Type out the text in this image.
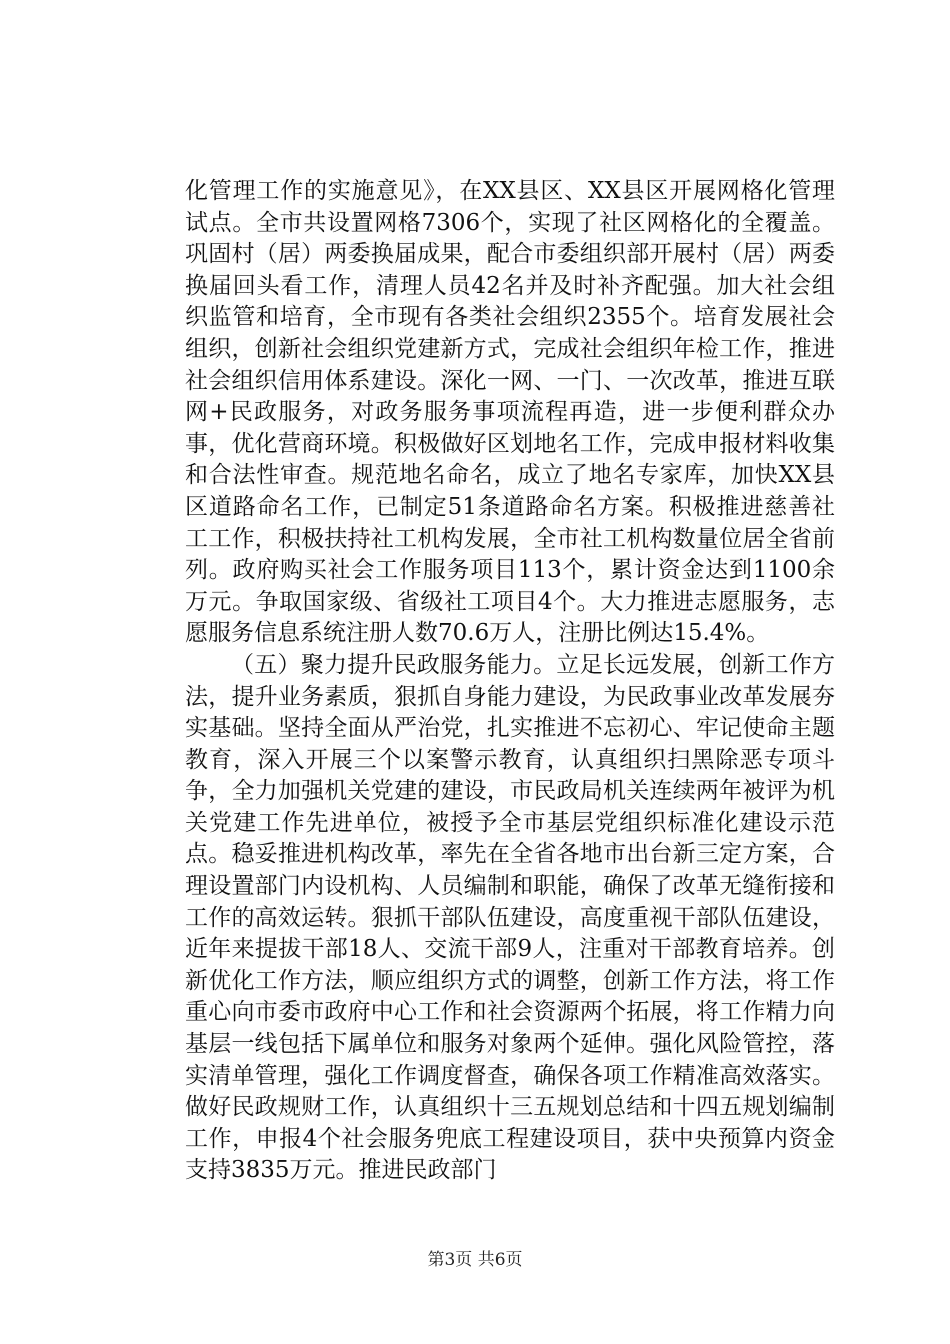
化管理工作的实施意见》，在XX县区、XX县区开展网格化管理试点。全市共设置网格7306个，实现了社区网格化的全覆盖。巩固村（居）两委换届成果，配合市委组织部开展村（居）两委换届回头看工作，清理人员42名并及时补齐配强。加大社会组织监管和培育，全市现有各类社会组织2355个。培育发展社会组织，创新社会组织党建新方式，完成社会组织年检工作，推进社会组织信用体系建设。深化一网、一门、一次改革，推进互联网+民政服务，对政务服务事项流程再造，进一步便利群众办事，优化营商环境。积极做好区划地名工作，完成申报材料收集和合法性审查。规范地名命名，成立了地名专家库，加快XX县区道路命名工作，已制定51条道路命名方案。积极推进慈善社工工作，积极扶持社工机构发展，全市社工机构数量位居全省前列。政府购买社会工作服务项目113个，累计资金达到1100余万元。争取国家级、省级社工项目4个。大力推进志愿服务，志愿服务信息系统注册人数70.6万人，注册比例达15.4%。

（五）聚力提升民政服务能力。立足长远发展，创新工作方法，提升业务素质，狠抓自身能力建设，为民政事业改革发展夯实基础。坚持全面从严治党，扎实推进不忘初心、牢记使命主题教育，深入开展三个以案警示教育，认真组织扫黑除恶专项斗争，全力加强机关党建的建设，市民政局机关连续两年被评为机关党建工作先进单位，被授予全市基层党组织标准化建设示范点。稳妥推进机构改革，率先在全省各地市出台新三定方案，合理设置部门内设机构、人员编制和职能，确保了改革无缝衔接和工作的高效运转。狠抓干部队伍建设，高度重视干部队伍建设，近年来提拔干部18人、交流干部9人，注重对干部教育培养。创新优化工作方法，顺应组织方式的调整，创新工作方法，将工作重心向市委市政府中心工作和社会资源两个拓展，将工作精力向基层一线包括下属单位和服务对象两个延伸。强化风险管控，落实清单管理，强化工作调度督查，确保各项工作精准高效落实。做好民政规财工作，认真组织十三五规划总结和十四五规划编制工作，申报4个社会服务兜底工程建设项目，获中央预算内资金支持3835万元。推进民政部门

第3页 共6页
